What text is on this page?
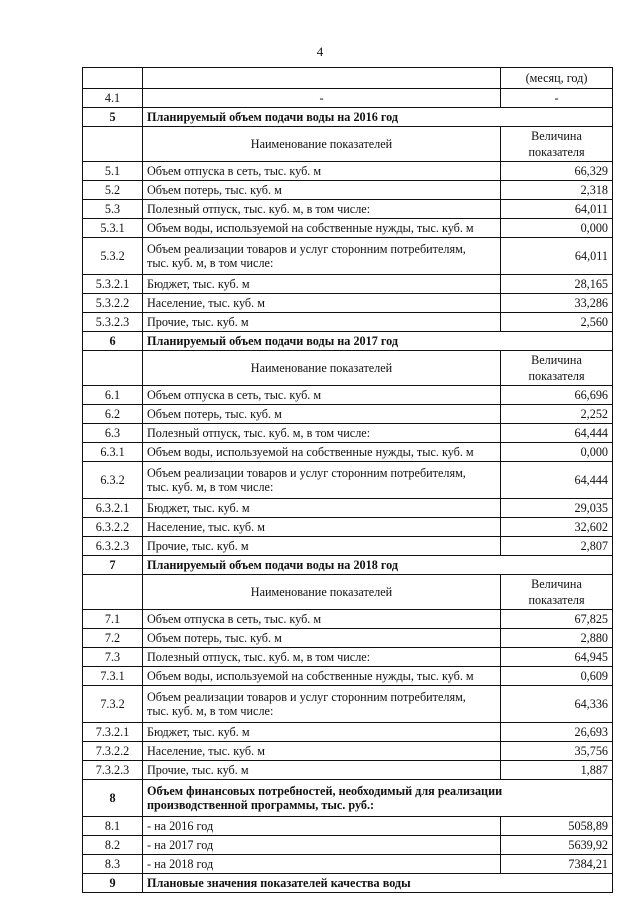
4
		(месяц, год)
4.1	-	-
5	Планируемый объем подачи воды на 2016 год	
	Наименование показателей	Величина
показателя
5.1	Объем отпуска в сеть, тыс. куб. м	66,329
5.2	Объем потерь, тыс. куб. м	2,318
5.3	Полезный отпуск, тыс. куб. м, в том числе:	64,011
5.3.1	Объем воды, используемой на собственные нужды, тыс. куб. м	0,000
5.3.2	Объем реализации товаров и услуг сторонним потребителям,
тыс. куб. м, в том числе:	64,011
5.3.2.1	Бюджет, тыс. куб. м	28,165
5.3.2.2	Население, тыс. куб. м	33,286
5.3.2.3	Прочие, тыс. куб. м	2,560
6	Планируемый объем подачи воды на 2017 год	
	Наименование показателей	Величина
показателя
6.1	Объем отпуска в сеть, тыс. куб. м	66,696
6.2	Объем потерь, тыс. куб. м	2,252
6.3	Полезный отпуск, тыс. куб. м, в том числе:	64,444
6.3.1	Объем воды, используемой на собственные нужды, тыс. куб. м	0,000
6.3.2	Объем реализации товаров и услуг сторонним потребителям,
тыс. куб. м, в том числе:	64,444
6.3.2.1	Бюджет, тыс. куб. м	29,035
6.3.2.2	Население, тыс. куб. м	32,602
6.3.2.3	Прочие, тыс. куб. м	2,807
7	Планируемый объем подачи воды на 2018 год	
	Наименование показателей	Величина
показателя
7.1	Объем отпуска в сеть, тыс. куб. м	67,825
7.2	Объем потерь, тыс. куб. м	2,880
7.3	Полезный отпуск, тыс. куб. м, в том числе:	64,945
7.3.1	Объем воды, используемой на собственные нужды, тыс. куб. м	0,609
7.3.2	Объем реализации товаров и услуг сторонним потребителям,
тыс. куб. м, в том числе:	64,336
7.3.2.1	Бюджет, тыс. куб. м	26,693
7.3.2.2	Население, тыс. куб. м	35,756
7.3.2.3	Прочие, тыс. куб. м	1,887
8	Объем финансовых потребностей, необходимый для реализации
производственной программы, тыс. руб.:	
8.1	- на 2016 год	5058,89
8.2	- на 2017 год	5639,92
8.3	- на 2018 год	7384,21
9	Плановые значения показателей качества воды	
